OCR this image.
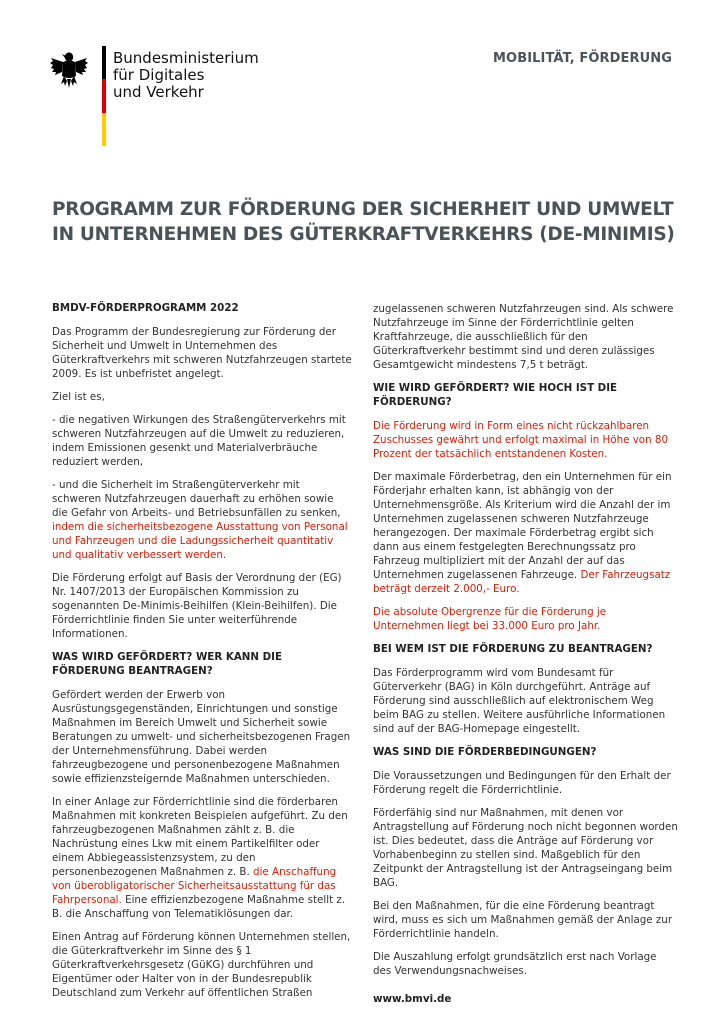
Bundesministerium
für Digitales
und Verkehr
MOBILITÄT, FÖRDERUNG
PROGRAMM ZUR FÖRDERUNG DER SICHERHEIT UND UMWELT
IN UNTERNEHMEN DES GÜTERKRAFTVERKEHRS (DE-MINIMIS)
BMDV-FÖRDERPROGRAMM 2022

Das Programm der Bundesregierung zur Förderung der Sicherheit und Umwelt in Unternehmen des Güterkraftverkehrs mit schweren Nutzfahrzeugen startete 2009. Es ist unbefristet angelegt.

Ziel ist es,

- die negativen Wirkungen des Straßengüterverkehrs mit schweren Nutzfahrzeugen auf die Umwelt zu reduzieren, indem Emissionen gesenkt und Materialverbräuche reduziert werden,

- und die Sicherheit im Straßengüterverkehr mit schweren Nutzfahrzeugen dauerhaft zu erhöhen sowie die Gefahr von Arbeits- und Betriebsunfällen zu senken, indem die sicherheitsbezogene Ausstattung von Personal und Fahrzeugen und die Ladungssicherheit quantitativ und qualitativ verbessert werden.

Die Förderung erfolgt auf Basis der Verordnung der (EG) Nr. 1407/2013 der Europäischen Kommission zu sogenannten De-Minimis-Beihilfen (Klein-Beihilfen). Die Förderrichtlinie finden Sie unter weiterführende Informationen.

WAS WIRD GEFÖRDERT? WER KANN DIE FÖRDERUNG BEANTRAGEN?

Gefördert werden der Erwerb von Ausrüstungsgegenständen, Einrichtungen und sonstige Maßnahmen im Bereich Umwelt und Sicherheit sowie Beratungen zu umwelt- und sicherheitsbezogenen Fragen der Unternehmensführung. Dabei werden fahrzeugbezogene und personenbezogene Maßnahmen sowie effizienzsteigernde Maßnahmen unterschieden.

In einer Anlage zur Förderrichtlinie sind die förderbaren Maßnahmen mit konkreten Beispielen aufgeführt. Zu den fahrzeugbezogenen Maßnahmen zählt z. B. die Nachrüstung eines Lkw mit einem Partikelfilter oder einem Abbiegeassistenzsystem, zu den personenbezogenen Maßnahmen z. B. die Anschaffung von überobligatorischer Sicherheitsausstattung für das Fahrpersonal. Eine effizienzbezogene Maßnahme stellt z. B. die Anschaffung von Telematiklösungen dar.

Einen Antrag auf Förderung können Unternehmen stellen, die Güterkraftverkehr im Sinne des § 1 Güterkraftverkehrsgesetz (GüKG) durchführen und Eigentümer oder Halter von in der Bundesrepublik Deutschland zum Verkehr auf öffentlichen Straßen

zugelassenen schweren Nutzfahrzeugen sind. Als schwere Nutzfahrzeuge im Sinne der Förderrichtlinie gelten Kraftfahrzeuge, die ausschließlich für den Güterkraftverkehr bestimmt sind und deren zulässiges Gesamtgewicht mindestens 7,5 t beträgt.

WIE WIRD GEFÖRDERT? WIE HOCH IST DIE FÖRDERUNG?

Die Förderung wird in Form eines nicht rückzahlbaren Zuschusses gewährt und erfolgt maximal in Höhe von 80 Prozent der tatsächlich entstandenen Kosten.

Der maximale Förderbetrag, den ein Unternehmen für ein Förderjahr erhalten kann, ist abhängig von der Unternehmensgröße. Als Kriterium wird die Anzahl der im Unternehmen zugelassenen schweren Nutzfahrzeuge herangezogen. Der maximale Förderbetrag ergibt sich dann aus einem festgelegten Berechnungssatz pro Fahrzeug multipliziert mit der Anzahl der auf das Unternehmen zugelassenen Fahrzeuge. Der Fahrzeugsatz beträgt derzeit 2.000,- Euro.

Die absolute Obergrenze für die Förderung je Unternehmen liegt bei 33.000 Euro pro Jahr.

BEI WEM IST DIE FÖRDERUNG ZU BEANTRAGEN?

Das Förderprogramm wird vom Bundesamt für Güterverkehr (BAG) in Köln durchgeführt. Anträge auf Förderung sind ausschließlich auf elektronischem Weg beim BAG zu stellen. Weitere ausführliche Informationen sind auf der BAG-Homepage eingestellt.

WAS SIND DIE FÖRDERBEDINGUNGEN?

Die Voraussetzungen und Bedingungen für den Erhalt der Förderung regelt die Förderrichtlinie.

Förderfähig sind nur Maßnahmen, mit denen vor Antragstellung auf Förderung noch nicht begonnen worden ist. Dies bedeutet, dass die Anträge auf Förderung vor Vorhabenbeginn zu stellen sind. Maßgeblich für den Zeitpunkt der Antragstellung ist der Antragseingang beim BAG.

Bei den Maßnahmen, für die eine Förderung beantragt wird, muss es sich um Maßnahmen gemäß der Anlage zur Förderrichtlinie handeln.

Die Auszahlung erfolgt grundsätzlich erst nach Vorlage des Verwendungsnachweises.

www.bmvi.de
